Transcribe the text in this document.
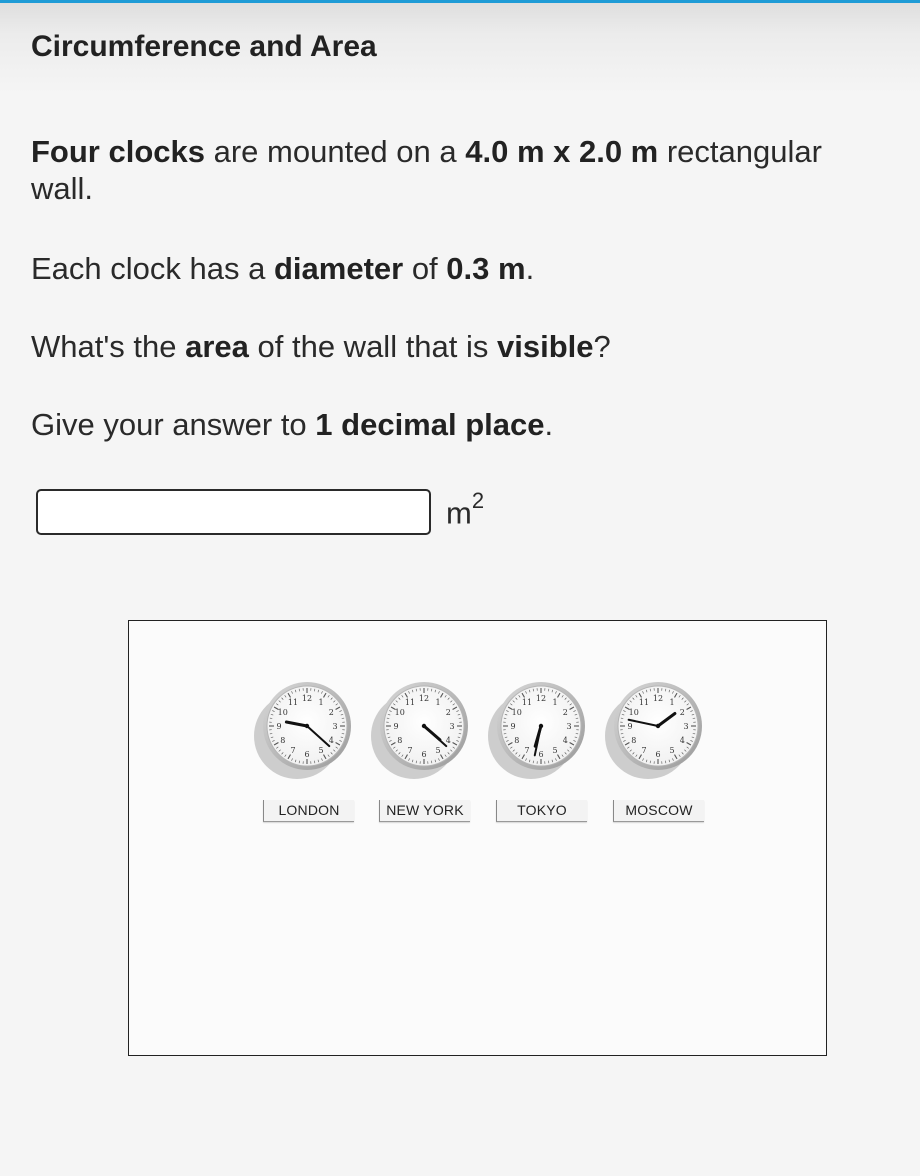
Circumference and Area

Four clocks are mounted on a 4.0 m x 2.0 m rectangular wall.

Each clock has a diameter of 0.3 m.

What's the area of the wall that is visible?

Give your answer to 1 decimal place.

$m^2$
1
2
3
4
5
6
7
8
9
10
11 12	1
2
3
4
5
6
7
8
9
10
11 12	1
2
3
4
5
6
7
8
9
10
11 12	1
2
3
4
5
6
7
8
9
10
11 12
LONDON	NEW YORK	TOKYO	MOSCOW
